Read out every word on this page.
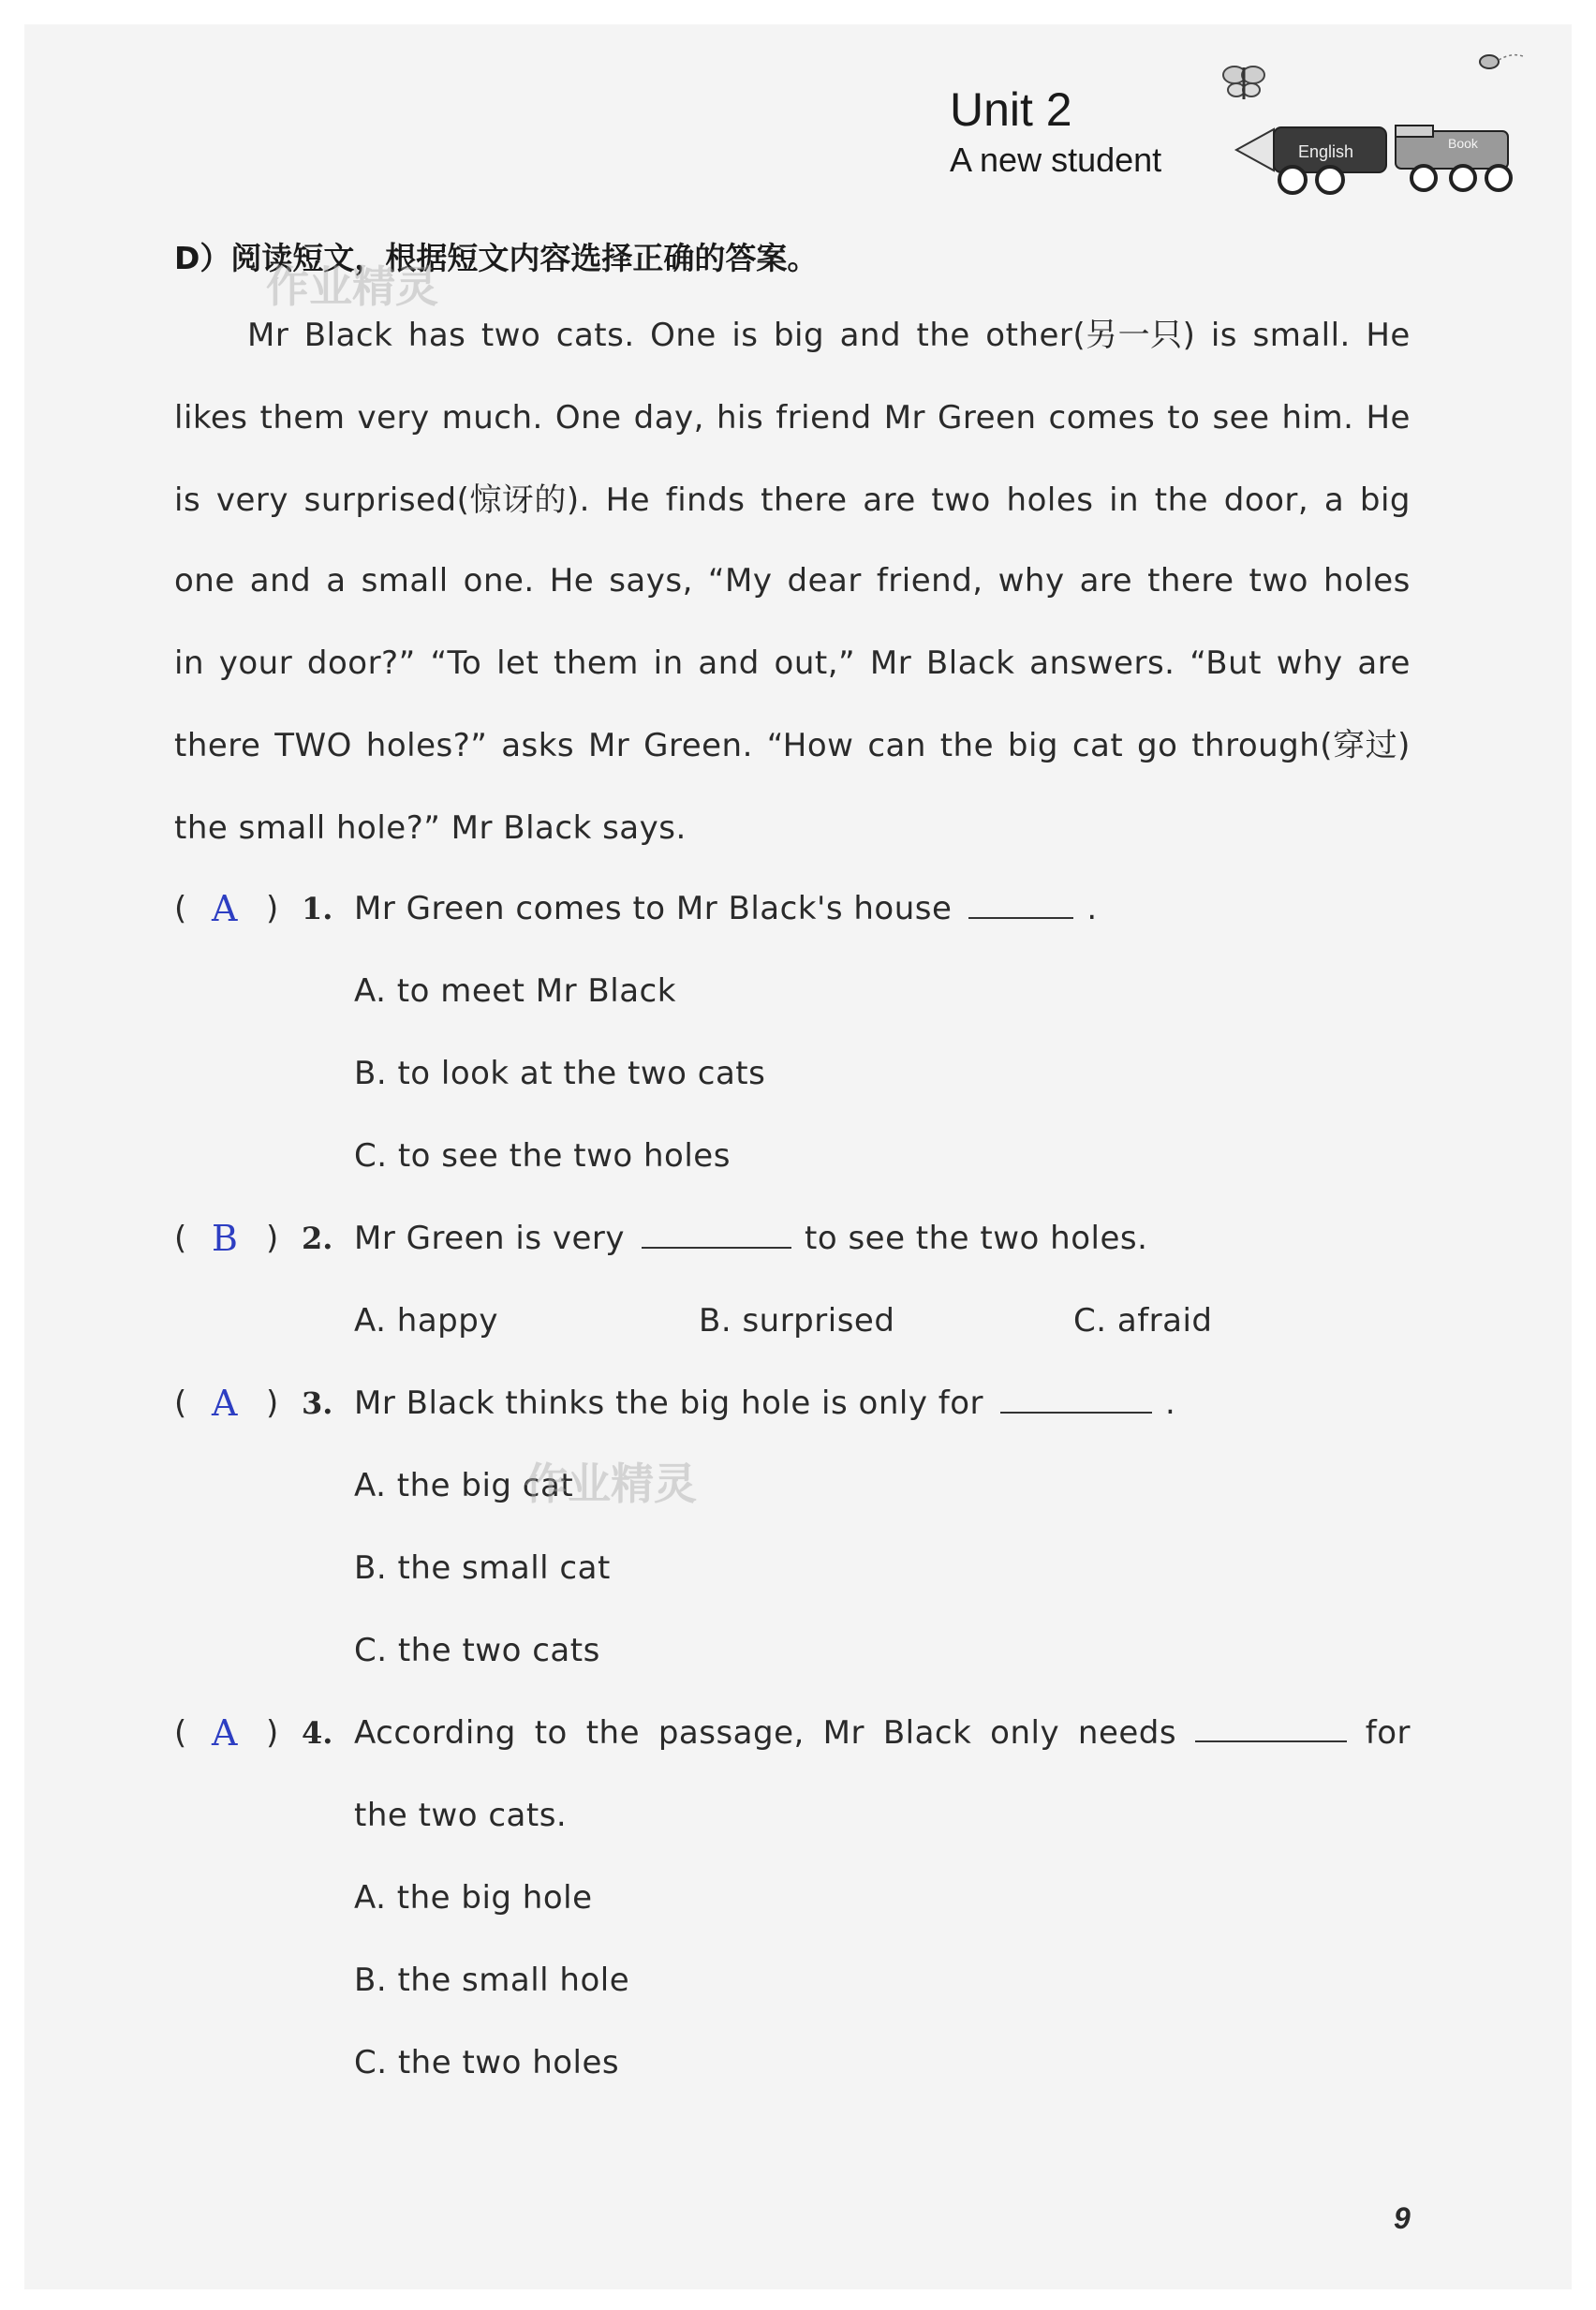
Unit 2
A new student	English	Book
D）阅读短文，根据短文内容选择正确的答案。
Mr Black has two cats. One is big and the other(另一只) is small. He
likes them very much. One day, his friend Mr Green comes to see him. He
is very surprised(惊讶的). He finds there are two holes in the door, a big
one and a small one. He says, “My dear friend, why are there two holes
in your door?” “To let them in and out,” Mr Black answers. “But why are
there TWO holes?” asks Mr Green. “How can the big cat go through(穿过)
the small hole?” Mr Black says.
( A ) 1. Mr Green comes to Mr Black's house	.
A. to meet Mr Black
B. to look at the two cats
C. to see the two holes
( B ) 2. Mr Green is very	to see the two holes.
A. happy	B. surprised	C. afraid
( A ) 3. Mr Black thinks the big hole is only for	.
A. the big cat
B. the small cat
C. the two cats
( A ) 4. According to the passage, Mr Black only needs	for
the two cats.
A. the big hole
B. the small hole
C. the two holes
作业精灵
作业精灵
9
